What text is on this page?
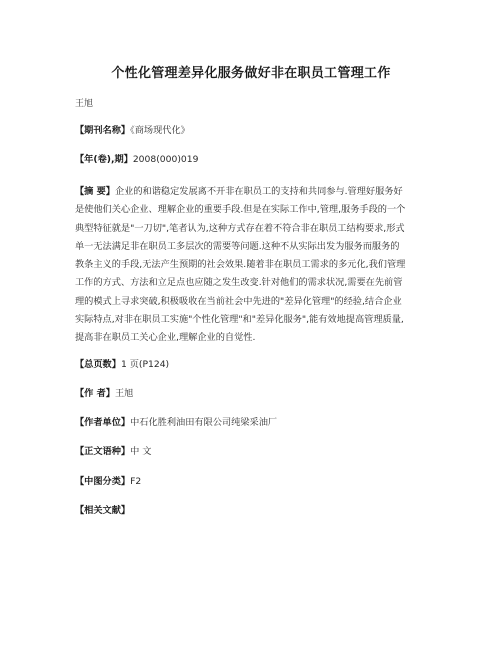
个性化管理差异化服务做好非在职员工管理工作
王旭
【期刊名称】《商场现代化》
【年(卷),期】2008(000)019
【摘 要】企业的和谐稳定发展离不开非在职员工的支持和共同参与.管理好服务好
是使他们关心企业、理解企业的重要手段.但是在实际工作中,管理,服务手段的一个
典型特征就是"一刀切",笔者认为,这种方式存在着不符合非在职员工结构要求,形式
单一无法满足非在职员工多层次的需要等问题.这种不从实际出发为服务而服务的
教条主义的手段,无法产生预期的社会效果.随着非在职员工需求的多元化,我们管理
工作的方式、方法和立足点也应随之发生改变.针对他们的需求状况,需要在先前管
理的模式上寻求突破,积极吸收在当前社会中先进的"差异化管理"的经验,结合企业
实际特点,对非在职员工实施"个性化管理"和"差异化服务",能有效地提高管理质量,
提高非在职员工关心企业,理解企业的自觉性.
【总页数】1 页(P124)
【作 者】王旭
【作者单位】中石化胜利油田有限公司纯梁采油厂
【正文语种】中 文
【中图分类】F2
【相关文献】
